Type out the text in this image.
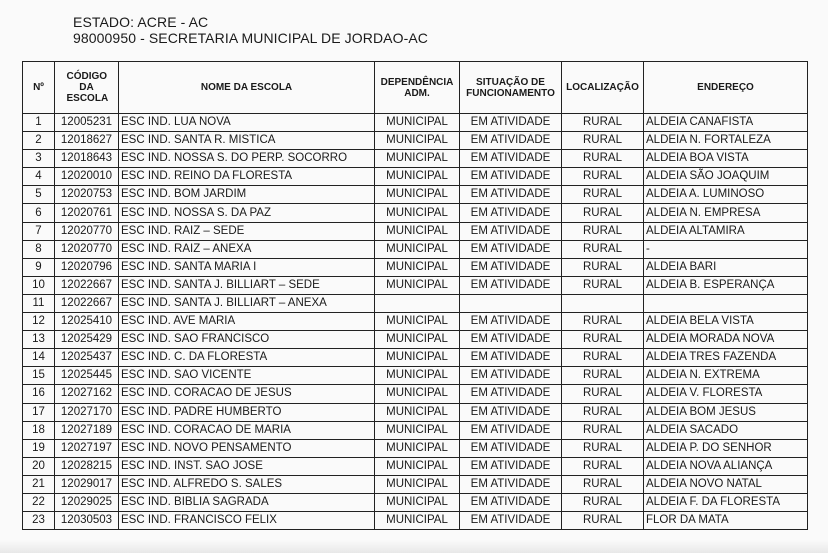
ESTADO: ACRE - AC
98000950 - SECRETARIA MUNICIPAL DE JORDAO-AC
Nº	CÓDIGO DA ESCOLA	NOME DA ESCOLA	DEPENDÊNCIA ADM.	SITUAÇÃO DE FUNCIONAMENTO	LOCALIZAÇÃO	ENDEREÇO
1	12005231	ESC IND. LUA NOVA	MUNICIPAL	EM ATIVIDADE	RURAL	ALDEIA CANAFISTA
2	12018627	ESC IND. SANTA R. MISTICA	MUNICIPAL	EM ATIVIDADE	RURAL	ALDEIA N. FORTALEZA
3	12018643	ESC IND. NOSSA S. DO PERP. SOCORRO	MUNICIPAL	EM ATIVIDADE	RURAL	ALDEIA BOA VISTA
4	12020010	ESC IND. REINO DA FLORESTA	MUNICIPAL	EM ATIVIDADE	RURAL	ALDEIA SÃO JOAQUIM
5	12020753	ESC IND. BOM JARDIM	MUNICIPAL	EM ATIVIDADE	RURAL	ALDEIA A. LUMINOSO
6	12020761	ESC IND. NOSSA S. DA PAZ	MUNICIPAL	EM ATIVIDADE	RURAL	ALDEIA N. EMPRESA
7	12020770	ESC IND. RAIZ – SEDE	MUNICIPAL	EM ATIVIDADE	RURAL	ALDEIA ALTAMIRA
8	12020770	ESC IND. RAIZ – ANEXA	MUNICIPAL	EM ATIVIDADE	RURAL	-
9	12020796	ESC IND. SANTA MARIA I	MUNICIPAL	EM ATIVIDADE	RURAL	ALDEIA BARI
10	12022667	ESC IND. SANTA J. BILLIART – SEDE	MUNICIPAL	EM ATIVIDADE	RURAL	ALDEIA B. ESPERANÇA
11	12022667	ESC IND. SANTA J. BILLIART – ANEXA				
12	12025410	ESC IND. AVE MARIA	MUNICIPAL	EM ATIVIDADE	RURAL	ALDEIA BELA VISTA
13	12025429	ESC IND. SAO FRANCISCO	MUNICIPAL	EM ATIVIDADE	RURAL	ALDEIA MORADA NOVA
14	12025437	ESC IND. C. DA FLORESTA	MUNICIPAL	EM ATIVIDADE	RURAL	ALDEIA TRES FAZENDA
15	12025445	ESC IND. SAO VICENTE	MUNICIPAL	EM ATIVIDADE	RURAL	ALDEIA N. EXTREMA
16	12027162	ESC IND. CORACAO DE JESUS	MUNICIPAL	EM ATIVIDADE	RURAL	ALDEIA V. FLORESTA
17	12027170	ESC IND. PADRE HUMBERTO	MUNICIPAL	EM ATIVIDADE	RURAL	ALDEIA BOM JESUS
18	12027189	ESC IND. CORACAO DE MARIA	MUNICIPAL	EM ATIVIDADE	RURAL	ALDEIA SACADO
19	12027197	ESC IND. NOVO PENSAMENTO	MUNICIPAL	EM ATIVIDADE	RURAL	ALDEIA P. DO SENHOR
20	12028215	ESC IND. INST. SAO JOSE	MUNICIPAL	EM ATIVIDADE	RURAL	ALDEIA NOVA ALIANÇA
21	12029017	ESC IND. ALFREDO S. SALES	MUNICIPAL	EM ATIVIDADE	RURAL	ALDEIA NOVO NATAL
22	12029025	ESC IND. BIBLIA SAGRADA	MUNICIPAL	EM ATIVIDADE	RURAL	ALDEIA F. DA FLORESTA
23	12030503	ESC IND. FRANCISCO FELIX	MUNICIPAL	EM ATIVIDADE	RURAL	FLOR DA MATA
